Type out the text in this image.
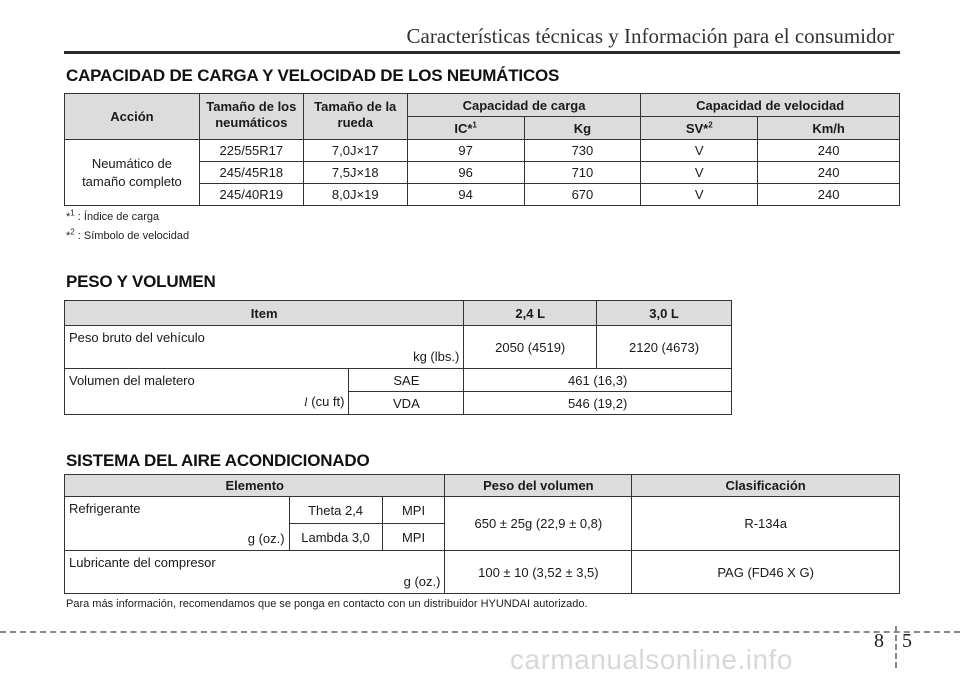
Características técnicas y Información para el consumidor
CAPACIDAD DE CARGA Y VELOCIDAD DE LOS NEUMÁTICOS
Acción	Tamaño de los neumáticos	Tamaño de la rueda	Capacidad de carga		Capacidad de velocidad	
			IC*$^1$	Kg	SV*$^2$	Km/h
Neumático de tamaño completo	225/55R17	7,0J×17	97	730	V	240
	245/45R18	7,5J×18	96	710	V	240
	245/40R19	8,0J×19	94	670	V	240
*$^1$ : Índice de carga
*$^2$ : Símbolo de velocidad
PESO Y VOLUMEN
Item		2,4 L	3,0 L

Peso bruto del vehículo
kg (lbs.)		2050 (4519)	2120 (4673)

Volumen del maletero
l (cu ft)	SAE	461 (16,3)	
	VDA	546 (19,2)	
SISTEMA DEL AIRE ACONDICIONADO
Elemento			Peso del volumen	Clasificación

Refrigerante
g (oz.)	Theta 2,4	MPI	650 ± 25g (22,9 ± 0,8)	R-134a
	Lambda 3,0	MPI		

Lubricante del compresor
g (oz.)			100 ± 10 (3,52 ± 3,5)	PAG (FD46 X G)
Para más información, recomendamos que se ponga en contacto con un distribuidor HYUNDAI autorizado.
8 5
carmanualsonline.info
